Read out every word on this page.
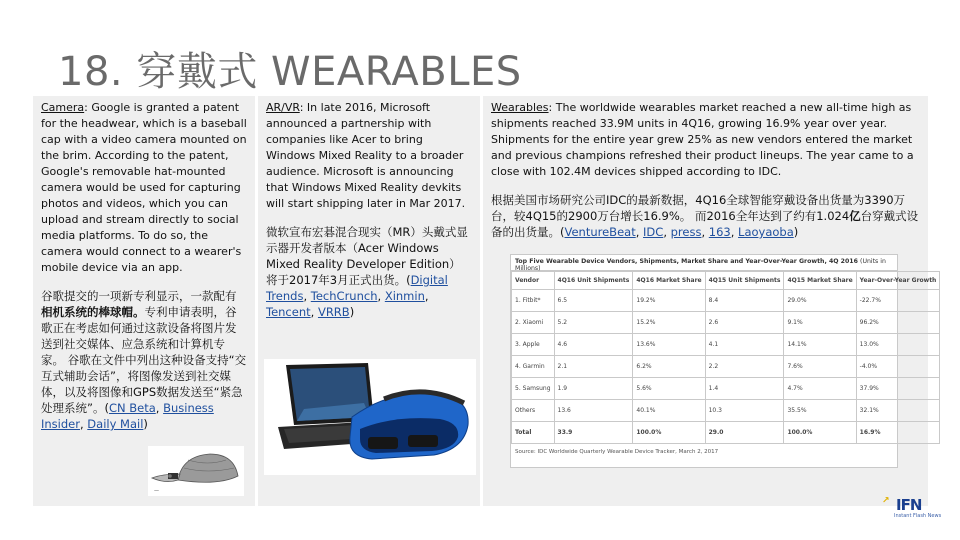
18. 穿戴式 WEARABLES

Camera: Google is granted a patent for the headwear, which is a baseball cap with a video camera mounted on the brim. According to the patent, Google's removable hat-mounted camera would be used for capturing photos and videos, which you can upload and stream directly to social media platforms. To do so, the camera would connect to a wearer's mobile device via an app.

谷歌提交的一项新专利显示，一款配有相机系统的棒球帽。专利申请表明，谷歌正在考虑如何通过这款设备将图片发送到社交媒体、应急系统和计算机专家。 谷歌在文件中列出这种设备支持“交互式辅助会话”，将图像发送到社交媒体，以及将图像和GPS数据发送至“紧急处理系统”。(CN Beta, Business Insider, Daily Mail)

—

AR/VR: In late 2016, Microsoft announced a partnership with companies like Acer to bring Windows Mixed Reality to a broader audience. Microsoft is announcing that Windows Mixed Reality devkits will start shipping later in Mar 2017.

微软宣布宏碁混合现实（MR）头戴式显示器开发者版本（Acer Windows Mixed Reality Developer Edition）将于2017年3月正式出货。(Digital Trends, TechCrunch, Xinmin, Tencent, VRRB)

Wearables: The worldwide wearables market reached a new all-time high as shipments reached 33.9M units in 4Q16, growing 16.9% year over year. Shipments for the entire year grew 25% as new vendors entered the market and previous champions refreshed their product lineups. The year came to a close with 102.4M devices shipped according to IDC.

根据美国市场研究公司IDC的最新数据，4Q16全球智能穿戴设备出货量为3390万台，较4Q15的2900万台增长16.9%。 而2016全年达到了约有1.024亿台穿戴式设备的出货量。(VentureBeat, IDC, press, 163, Laoyaoba)

Top Five Wearable Device Vendors, Shipments, Market Share and Year-Over-Year Growth, 4Q 2016 (Units in Millions)
Vendor	4Q16 Unit Shipments	4Q16 Market Share	4Q15 Unit Shipments	4Q15 Market Share	Year-Over-Year Growth
1. Fitbit*	6.5	19.2%	8.4	29.0%	-22.7%
2. Xiaomi	5.2	15.2%	2.6	9.1%	96.2%
3. Apple	4.6	13.6%	4.1	14.1%	13.0%
4. Garmin	2.1	6.2%	2.2	7.6%	-4.0%
5. Samsung	1.9	5.6%	1.4	4.7%	37.9%
Others	13.6	40.1%	10.3	35.5%	32.1%
Total	33.9	100.0%	29.0	100.0%	16.9%
Source: IDC Worldwide Quarterly Wearable Device Tracker, March 2, 2017
↗ IFN
Instant Flash News
